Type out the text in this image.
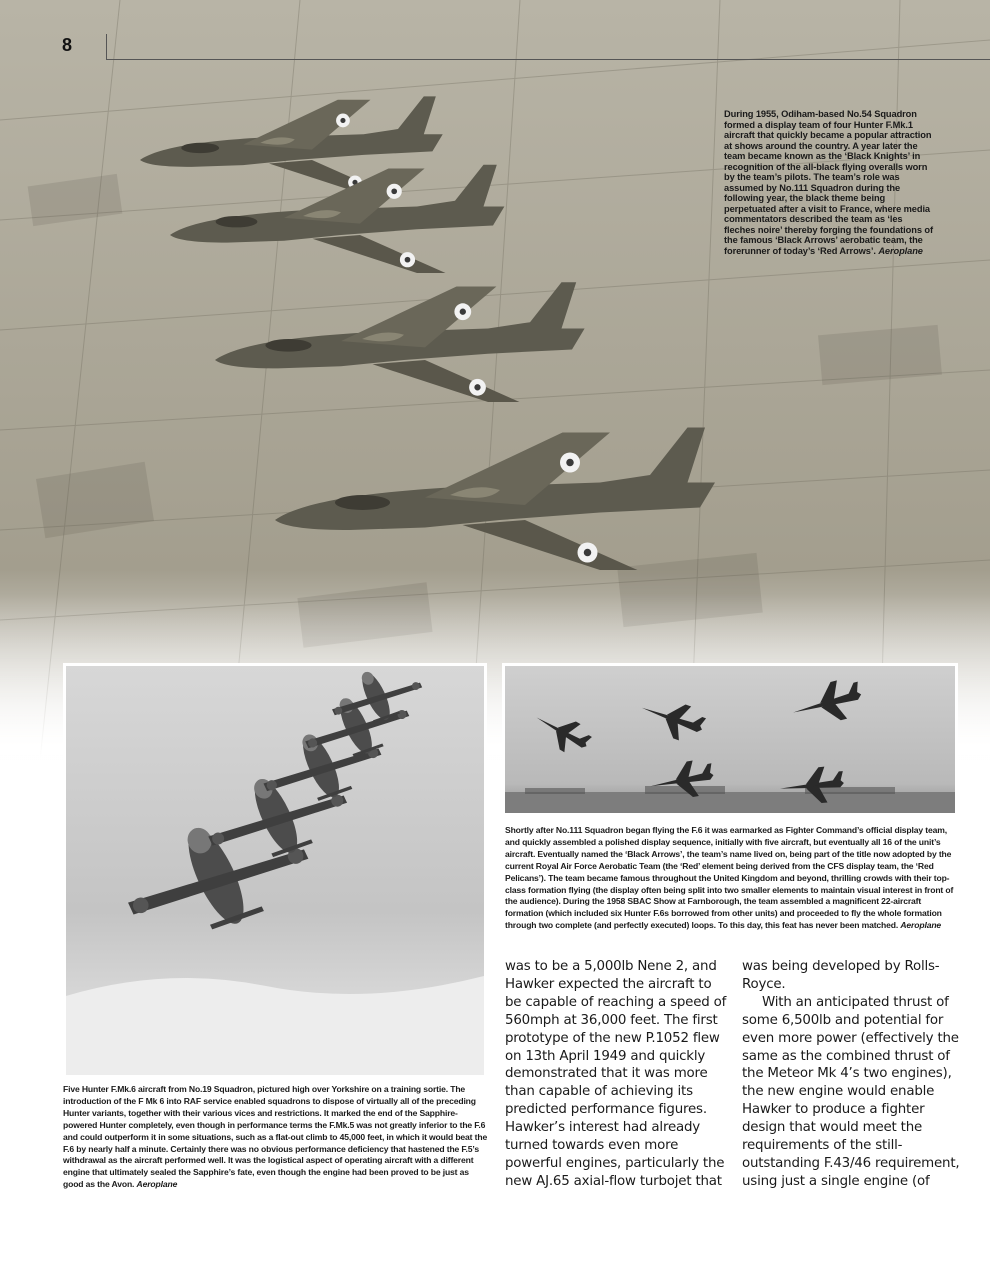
8
During 1955, Odiham-based No.54 Squadron formed a display team of four Hunter F.Mk.1 aircraft that quickly became a popular attraction at shows around the country. A year later the team became known as the ‘Black Knights’ in recognition of the all-black flying overalls worn by the team’s pilots. The team’s role was assumed by No.111 Squadron during the following year, the black theme being perpetuated after a visit to France, where media commentators described the team as ‘les fleches noire’ thereby forging the foundations of the famous ‘Black Arrows’ aerobatic team, the forerunner of today’s ‘Red Arrows’. Aeroplane
Shortly after No.111 Squadron began flying the F.6 it was earmarked as Fighter Command’s official display team, and quickly assembled a polished display sequence, initially with five aircraft, but eventually all 16 of the unit’s aircraft. Eventually named the ‘Black Arrows’, the team’s name lived on, being part of the title now adopted by the current Royal Air Force Aerobatic Team (the ‘Red’ element being derived from the CFS display team, the ‘Red Pelicans’). The team became famous throughout the United Kingdom and beyond, thrilling crowds with their top-class formation flying (the display often being split into two smaller elements to maintain visual interest in front of the audience). During the 1958 SBAC Show at Farnborough, the team assembled a magnificent 22-aircraft formation (which included six Hunter F.6s borrowed from other units) and proceeded to fly the whole formation through two complete (and perfectly executed) loops. To this day, this feat has never been matched. Aeroplane
Five Hunter F.Mk.6 aircraft from No.19 Squadron, pictured high over Yorkshire on a training sortie. The introduction of the F Mk 6 into RAF service enabled squadrons to dispose of virtually all of the preceding Hunter variants, together with their various vices and restrictions. It marked the end of the Sapphire-powered Hunter completely, even though in performance terms the F.Mk.5 was not greatly inferior to the F.6 and could outperform it in some situations, such as a flat-out climb to 45,000 feet, in which it would beat the F.6 by nearly half a minute. Certainly there was no obvious performance deficiency that hastened the F.5’s withdrawal as the aircraft performed well. It was the logistical aspect of operating aircraft with a different engine that ultimately sealed the Sapphire’s fate, even though the engine had been proved to be just as good as the Avon. Aeroplane

was to be a 5,000lb Nene 2, and Hawker expected the aircraft to be capable of reaching a speed of 560mph at 36,000 feet. The first prototype of the new P.1052 flew on 13th April 1949 and quickly demonstrated that it was more than capable of achieving its predicted performance figures. Hawker’s interest had already turned towards even more powerful engines, particularly the new AJ.65 axial-flow turbojet that

was being developed by Rolls-Royce.

With an anticipated thrust of some 6,500lb and potential for even more power (effectively the same as the combined thrust of the Meteor Mk 4’s two engines), the new engine would enable Hawker to produce a fighter design that would meet the requirements of the still-outstanding F.43/46 requirement, using just a single engine (of
